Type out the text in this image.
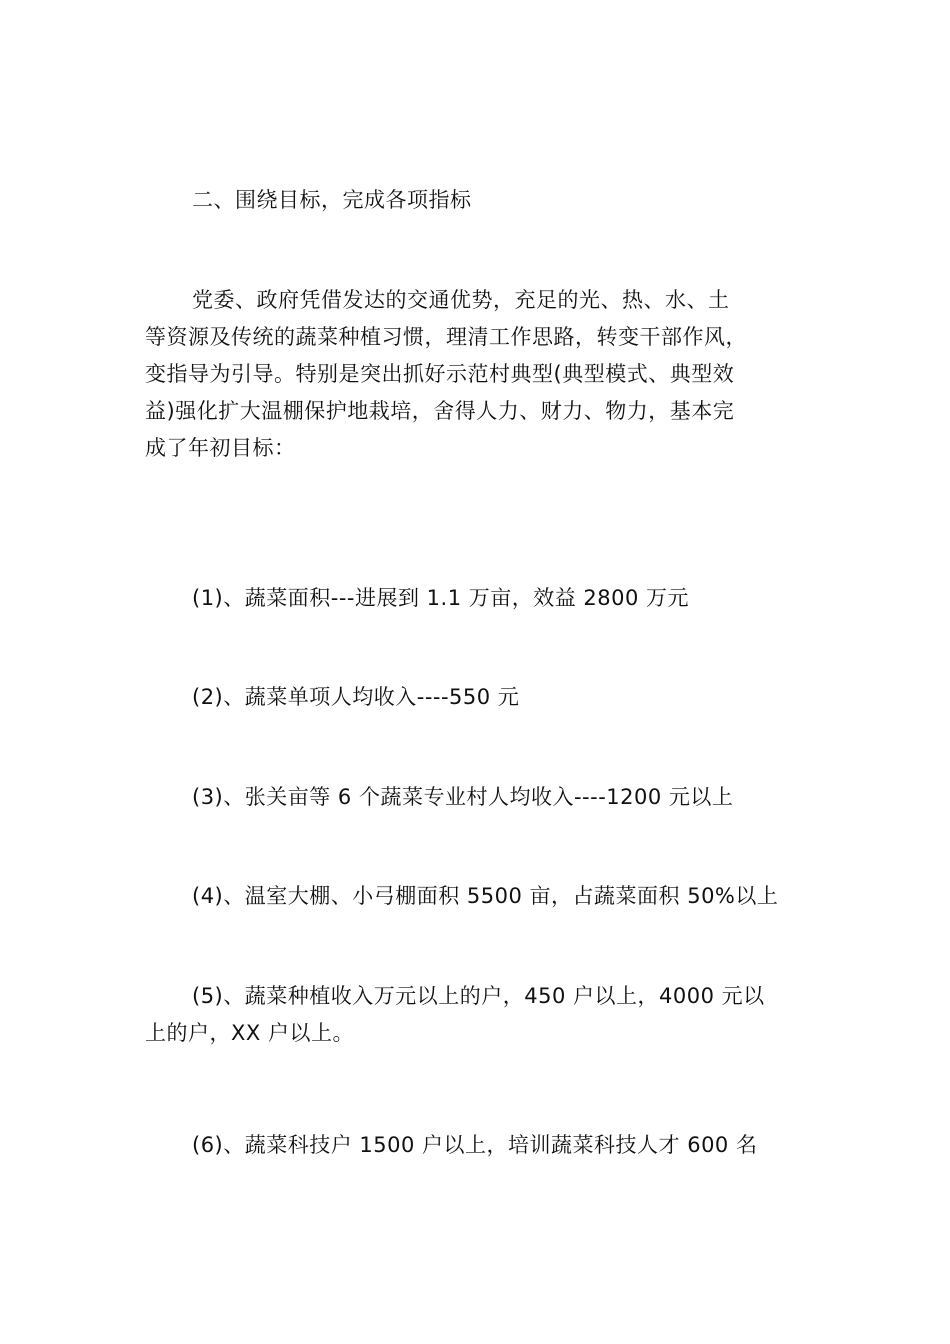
二、围绕目标，完成各项指标
党委、政府凭借发达的交通优势，充足的光、热、水、土
等资源及传统的蔬菜种植习惯，理清工作思路，转变干部作风，
变指导为引导。特别是突出抓好示范村典型(典型模式、典型效
益)强化扩大温棚保护地栽培，舍得人力、财力、物力，基本完
成了年初目标：
(1)、蔬菜面积---进展到 1.1 万亩，效益 2800 万元
(2)、蔬菜单项人均收入----550 元
(3)、张关亩等 6 个蔬菜专业村人均收入----1200 元以上
(4)、温室大棚、小弓棚面积 5500 亩，占蔬菜面积 50%以上
(5)、蔬菜种植收入万元以上的户，450 户以上，4000 元以
上的户，XX 户以上。
(6)、蔬菜科技户 1500 户以上，培训蔬菜科技人才 600 名
